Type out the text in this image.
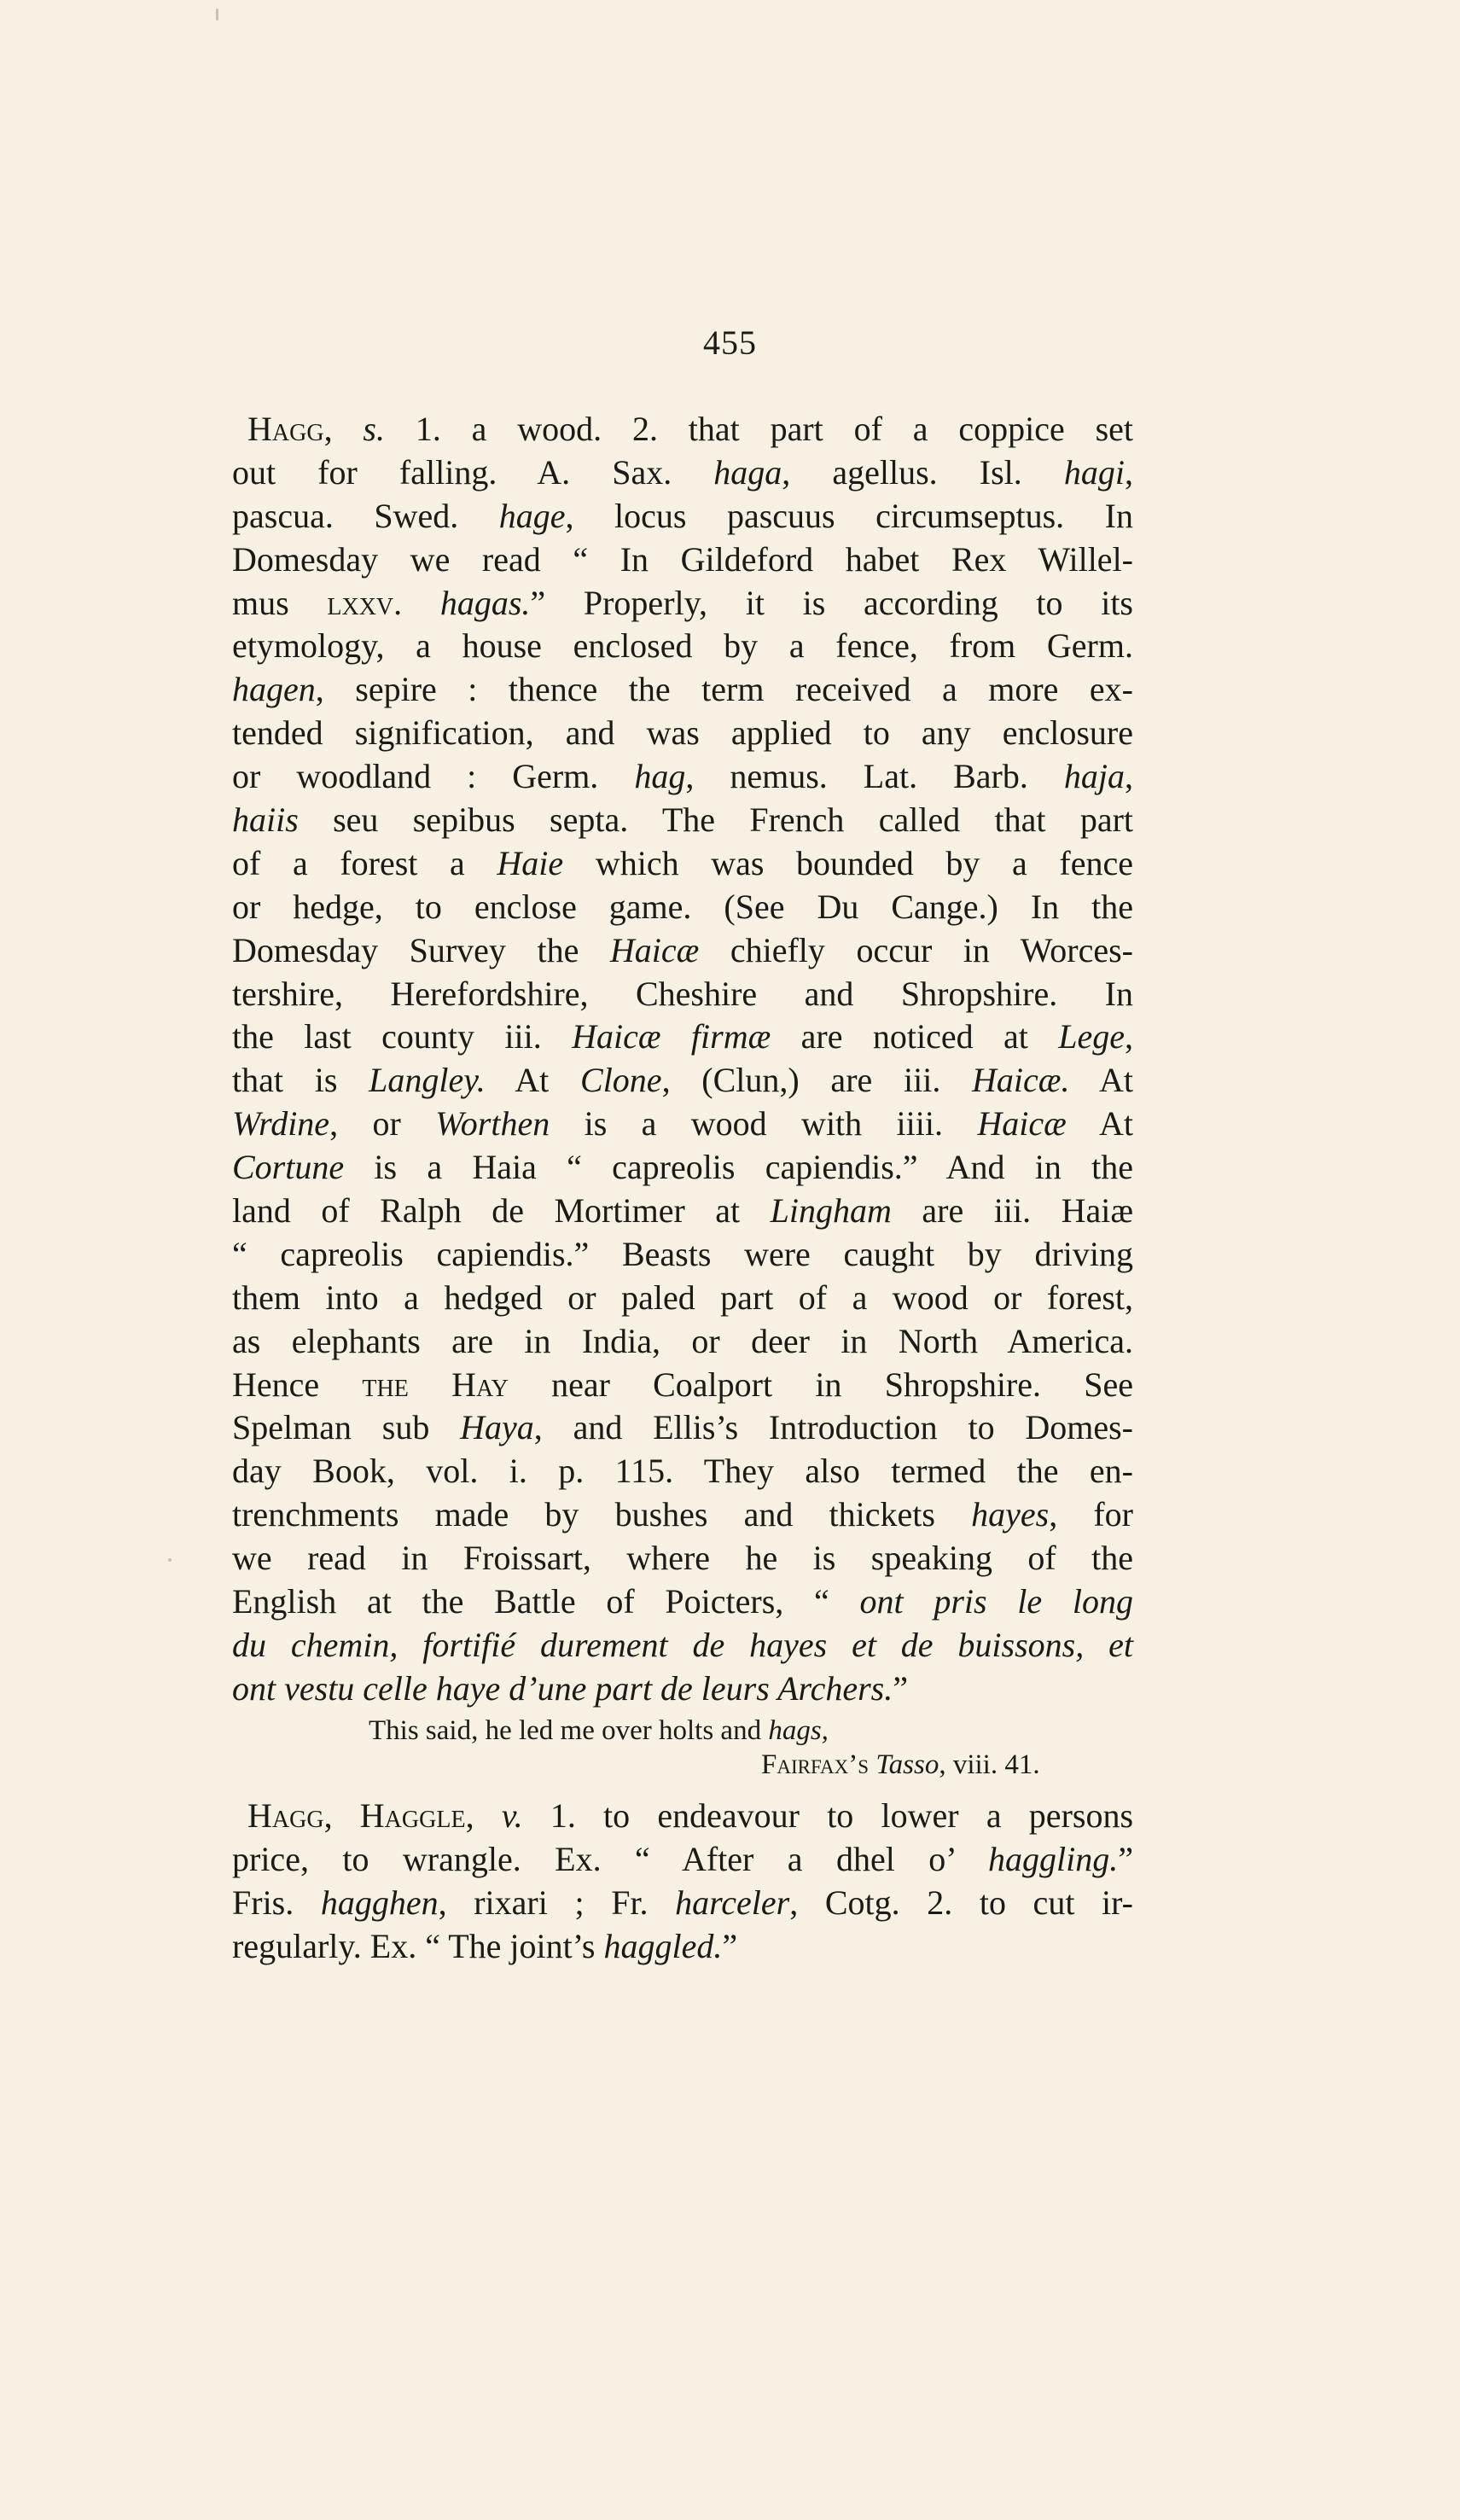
455
Hagg, s. 1. a wood. 2. that part of a coppice set
out for falling. A. Sax. haga, agellus. Isl. hagi,
pascua. Swed. hage, locus pascuus circumseptus. In
Domesday we read “ In Gildeford habet Rex Willel-
mus lxxv. hagas.” Properly, it is according to its
etymology, a house enclosed by a fence, from Germ.
hagen, sepire : thence the term received a more ex-
tended signification, and was applied to any enclosure
or woodland : Germ. hag, nemus. Lat. Barb. haja,
haiis seu sepibus septa. The French called that part
of a forest a Haie which was bounded by a fence
or hedge, to enclose game. (See Du Cange.) In the
Domesday Survey the Haicæ chiefly occur in Worces-
tershire, Herefordshire, Cheshire and Shropshire. In
the last county iii. Haicæ firmæ are noticed at Lege,
that is Langley. At Clone, (Clun,) are iii. Haicæ. At
Wrdine, or Worthen is a wood with iiii. Haicæ At
Cortune is a Haia “ capreolis capiendis.” And in the
land of Ralph de Mortimer at Lingham are iii. Haiæ
“ capreolis capiendis.” Beasts were caught by driving
them into a hedged or paled part of a wood or forest,
as elephants are in India, or deer in North America.
Hence the Hay near Coalport in Shropshire. See
Spelman sub Haya, and Ellis’s Introduction to Domes-
day Book, vol. i. p. 115. They also termed the en-
trenchments made by bushes and thickets hayes, for
we read in Froissart, where he is speaking of the
English at the Battle of Poicters, “ ont pris le long
du chemin, fortifié durement de hayes et de buissons, et
ont vestu celle haye d’une part de leurs Archers.”
This said, he led me over holts and hags,
Fairfax’s Tasso, viii. 41.
Hagg, Haggle, v. 1. to endeavour to lower a persons
price, to wrangle. Ex. “ After a dhel o’ haggling.”
Fris. hagghen, rixari ; Fr. harceler, Cotg. 2. to cut ir-
regularly. Ex. “ The joint’s haggled.”
